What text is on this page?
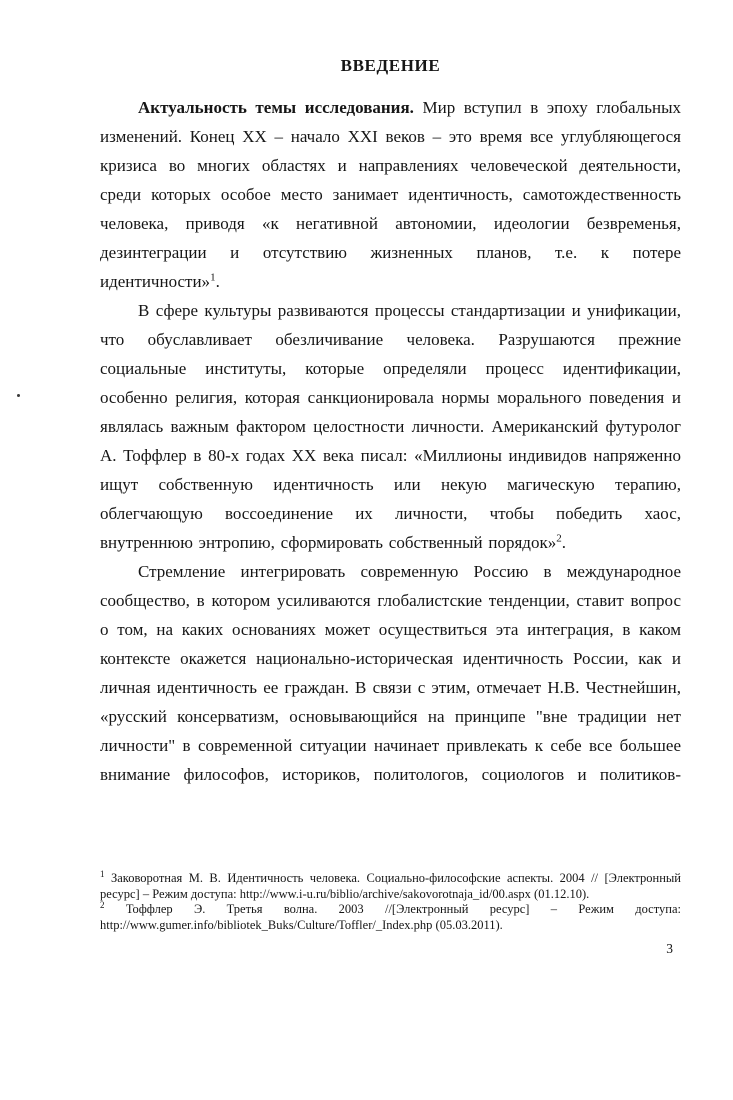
ВВЕДЕНИЕ

Актуальность темы исследования. Мир вступил в эпоху глобальных изменений. Конец XX – начало XXI веков – это время все углубляющегося кризиса во многих областях и направлениях человеческой деятельности, среди которых особое место занимает идентичность, самотождественность человека, приводя «к негативной автономии, идеологии безвременья, дезинтеграции и отсутствию жизненных планов, т.е. к потере идентичности»$^1$.

В сфере культуры развиваются процессы стандартизации и унификации, что обуславливает обезличивание человека. Разрушаются прежние социальные институты, которые определяли процесс идентификации, особенно религия, которая санкционировала нормы морального поведения и являлась важным фактором целостности личности. Американский футуролог А. Тоффлер в 80-х годах XX века писал: «Миллионы индивидов напряженно ищут собственную идентичность или некую магическую терапию, облегчающую воссоединение их личности, чтобы победить хаос, внутреннюю энтропию, сформировать собственный порядок»$^2$.

Стремление интегрировать современную Россию в международное сообщество, в котором усиливаются глобалистские тенденции, ставит вопрос о том, на каких основаниях может осуществиться эта интеграция, в каком контексте окажется национально-историческая идентичность России, как и личная идентичность ее граждан. В связи с этим, отмечает Н.В. Честнейшин, «русский консерватизм, основывающийся на принципе "вне традиции нет личности" в современной ситуации начинает привлекать к себе все большее внимание философов, историков, политологов, социологов и политиков-

$^1$ Заковоротная М. В. Идентичность человека. Социально-философские аспекты. 2004 // [Электронный ресурс] – Режим доступа: http://www.i-u.ru/biblio/archive/sakovorotnaja_id/00.aspx (01.12.10).

$^2$ Тоффлер Э. Третья волна. 2003 //[Электронный ресурс] – Режим доступа: http://www.gumer.info/bibliotek_Buks/Culture/Toffler/_Index.php (05.03.2011).

3
